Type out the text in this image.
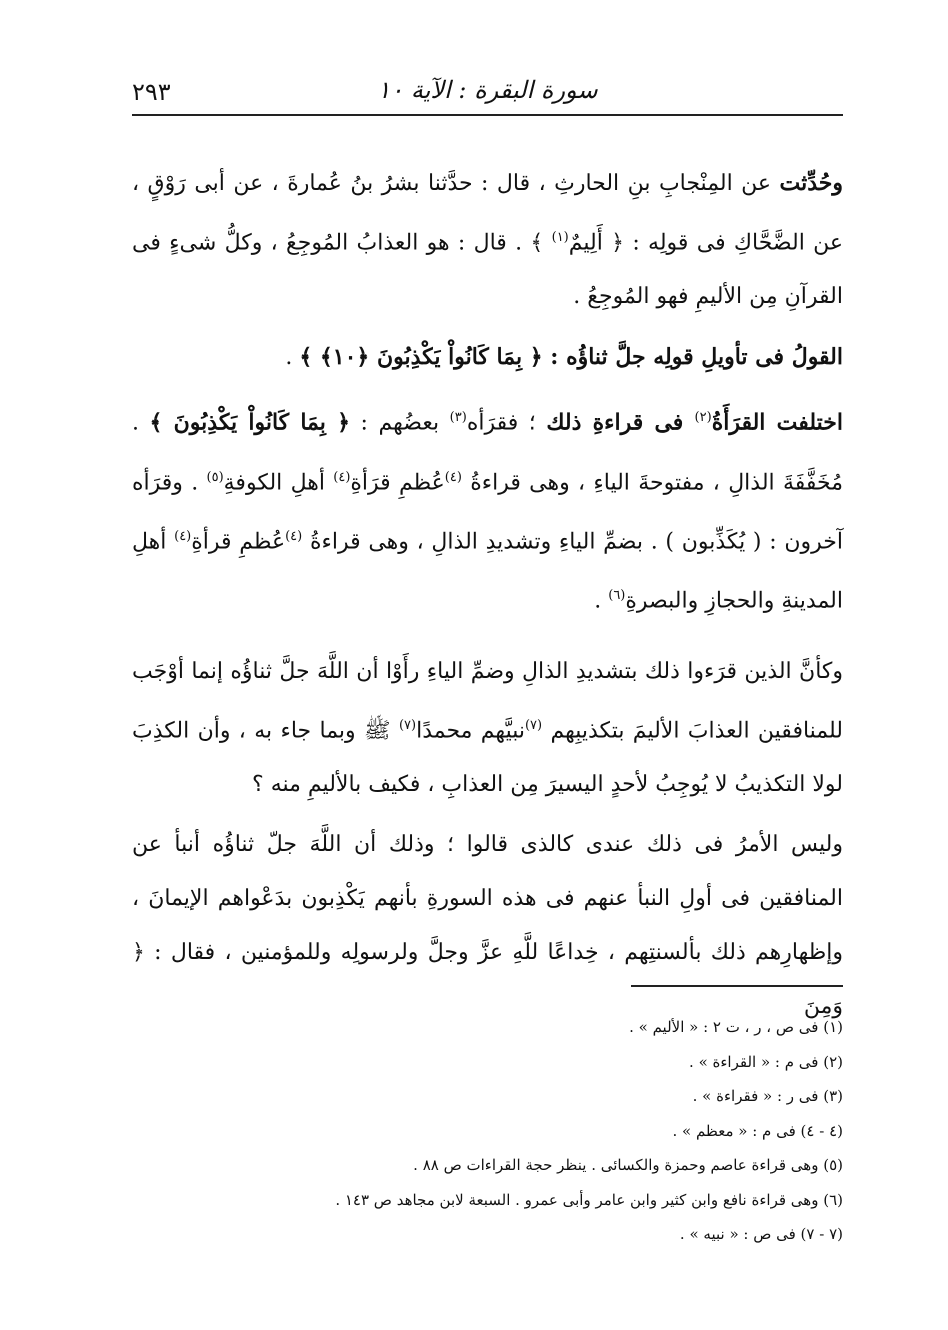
سورة البقرة : الآية ١٠
٢٩٣

وحُدِّثت عن المِنْجابِ بنِ الحارثِ ، قال : حدَّثنا بشرُ بنُ عُمارةَ ، عن أبى رَوْقٍ ، عن الضَّحَّاكِ فى قولِه : ﴿ أَلِيمٌ$^{(١)}$ ﴾ . قال : هو العذابُ المُوجِعُ ، وكلُّ شىءٍ فى القرآنِ مِن الأليمِ فهو المُوجِعُ .

القولُ فى تأويلِ قولِه جلَّ ثناؤُه : ﴿ بِمَا كَانُواْ يَكْذِبُونَ ﴿١٠﴾ ﴾ .

اختلفت القرَأَةُ$^{(٢)}$ فى قراءةِ ذلك ؛ فقرَأه$^{(٣)}$ بعضُهم : ﴿ بِمَا كَانُواْ يَكْذِبُونَ ﴾ . مُخَفَّفَةَ الذالِ ، مفتوحةَ الياءِ ، وهى قراءةُ $^{(٤)}$عُظمِ قرَأةِ$^{(٤)}$ أهلِ الكوفةِ$^{(٥)}$ . وقرَأه آخرون : ( يُكَذِّبون ) . بضمِّ الياءِ وتشديدِ الذالِ ، وهى قراءةُ $^{(٤)}$عُظمِ قرأةِ$^{(٤)}$ أهلِ المدينةِ والحجازِ والبصرةِ$^{(٦)}$ .

وكأنَّ الذين قرَءوا ذلك بتشديدِ الذالِ وضمِّ الياءِ رأَوْا أن اللَّهَ جلَّ ثناؤُه إنما أوْجَب للمنافقين العذابَ الأليمَ بتكذيبِهم $^{(٧)}$نبيَّهم محمدًا$^{(٧)}$ ﷺ وبما جاء به ، وأن الكذِبَ لولا التكذيبُ لا يُوجِبُ لأحدٍ اليسيرَ مِن العذابِ ، فكيف بالأليمِ منه ؟

وليس الأمرُ فى ذلك عندى كالذى قالوا ؛ وذلك أن اللَّهَ جلّ ثناؤُه أنبأ عن المنافقين فى أولِ النبأ عنهم فى هذه السورةِ بأنهم يَكْذِبون بدَعْواهم الإيمانَ ، وإظهارِهم ذلك بألسنتِهم ، خِداعًا للَّهِ عزَّ وجلَّ ولرسولِه وللمؤمنين ، فقال : ﴿ وَمِنَ

(١) فى ص ، ر ، ت ٢ : « الأليم » .

(٢) فى م : « القراءة » .

(٣) فى ر : « فقراءة » .

(٤ - ٤) فى م : « معظم » .

(٥) وهى قراءة عاصم وحمزة والكسائى . ينظر حجة القراءات ص ٨٨ .

(٦) وهى قراءة نافع وابن كثير وابن عامر وأبى عمرو . السبعة لابن مجاهد ص ١٤٣ .

(٧ - ٧) فى ص : « نبيه » .
